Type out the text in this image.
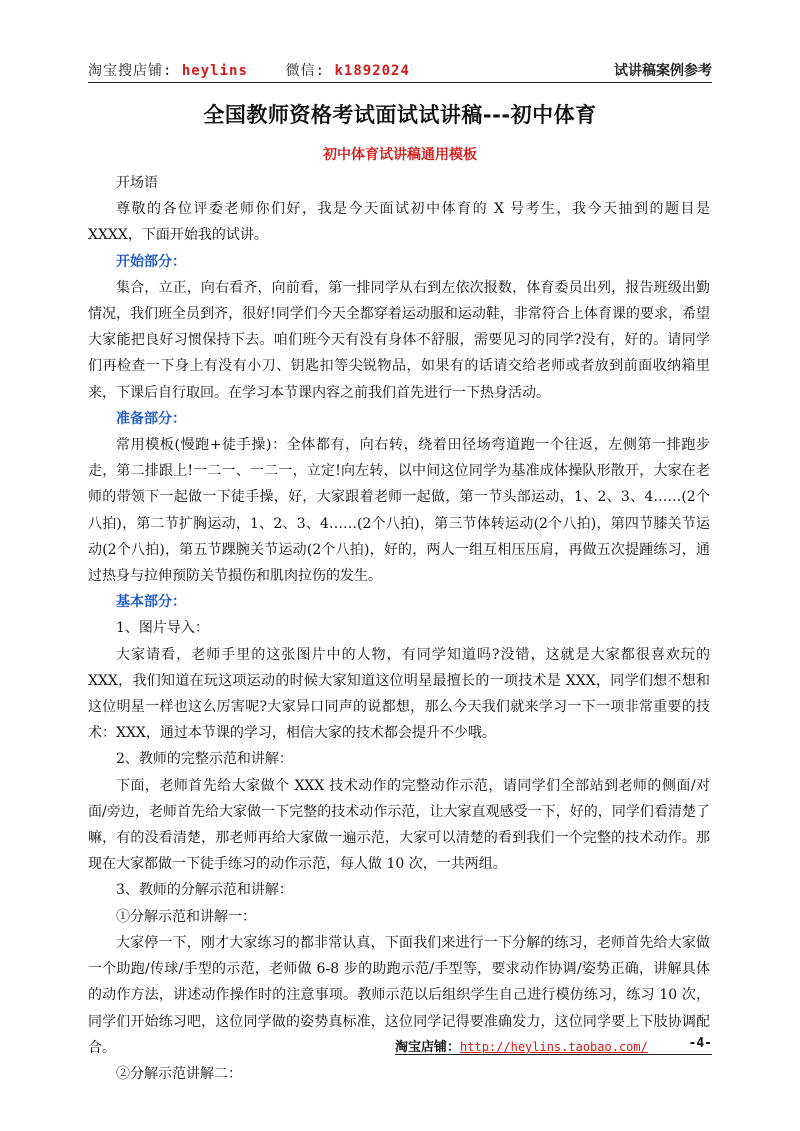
淘宝搜店铺: heylins	微信: k1892024	试讲稿案例参考
全国教师资格考试面试试讲稿---初中体育
初中体育试讲稿通用模板

开场语

尊敬的各位评委老师你们好，我是今天面试初中体育的 X 号考生，我今天抽到的题目是 XXXX，下面开始我的试讲。

开始部分：

集合，立正，向右看齐，向前看，第一排同学从右到左依次报数，体育委员出列，报告班级出勤情况，我们班全员到齐，很好!同学们今天全都穿着运动服和运动鞋，非常符合上体育课的要求，希望大家能把良好习惯保持下去。咱们班今天有没有身体不舒服，需要见习的同学?没有，好的。请同学们再检查一下身上有没有小刀、钥匙扣等尖锐物品，如果有的话请交给老师或者放到前面收纳箱里来，下课后自行取回。在学习本节课内容之前我们首先进行一下热身活动。

准备部分：

常用模板(慢跑+徒手操)：全体都有，向右转，绕着田径场弯道跑一个往返，左侧第一排跑步走，第二排跟上!一二一、一二一，立定!向左转，以中间这位同学为基准成体操队形散开，大家在老师的带领下一起做一下徒手操，好，大家跟着老师一起做，第一节头部运动，1、2、3、4……(2个八拍)，第二节扩胸运动，1、2、3、4……(2个八拍)，第三节体转运动(2个八拍)，第四节膝关节运动(2个八拍)，第五节踝腕关节运动(2个八拍)，好的，两人一组互相压压肩，再做五次提踵练习，通过热身与拉伸预防关节损伤和肌肉拉伤的发生。

基本部分：

1、图片导入：

大家请看，老师手里的这张图片中的人物，有同学知道吗?没错，这就是大家都很喜欢玩的XXX，我们知道在玩这项运动的时候大家知道这位明星最擅长的一项技术是 XXX，同学们想不想和这位明星一样也这么厉害呢?大家异口同声的说都想，那么今天我们就来学习一下一项非常重要的技术：XXX，通过本节课的学习，相信大家的技术都会提升不少哦。

2、教师的完整示范和讲解：

下面，老师首先给大家做个 XXX 技术动作的完整动作示范，请同学们全部站到老师的侧面/对面/旁边，老师首先给大家做一下完整的技术动作示范，让大家直观感受一下，好的，同学们看清楚了嘛，有的没看清楚，那老师再给大家做一遍示范，大家可以清楚的看到我们一个完整的技术动作。那现在大家都做一下徒手练习的动作示范，每人做 10 次，一共两组。

3、教师的分解示范和讲解：

①分解示范和讲解一：

大家停一下，刚才大家练习的都非常认真，下面我们来进行一下分解的练习，老师首先给大家做一个助跑/传球/手型的示范，老师做 6-8 步的助跑示范/手型等，要求动作协调/姿势正确，讲解具体的动作方法，讲述动作操作时的注意事项。教师示范以后组织学生自己进行模仿练习，练习 10 次，同学们开始练习吧，这位同学做的姿势真标准，这位同学记得要准确发力，这位同学要上下肢协调配合。

②分解示范讲解二：

淘宝店铺：http://heylins.taobao.com/	-4-
